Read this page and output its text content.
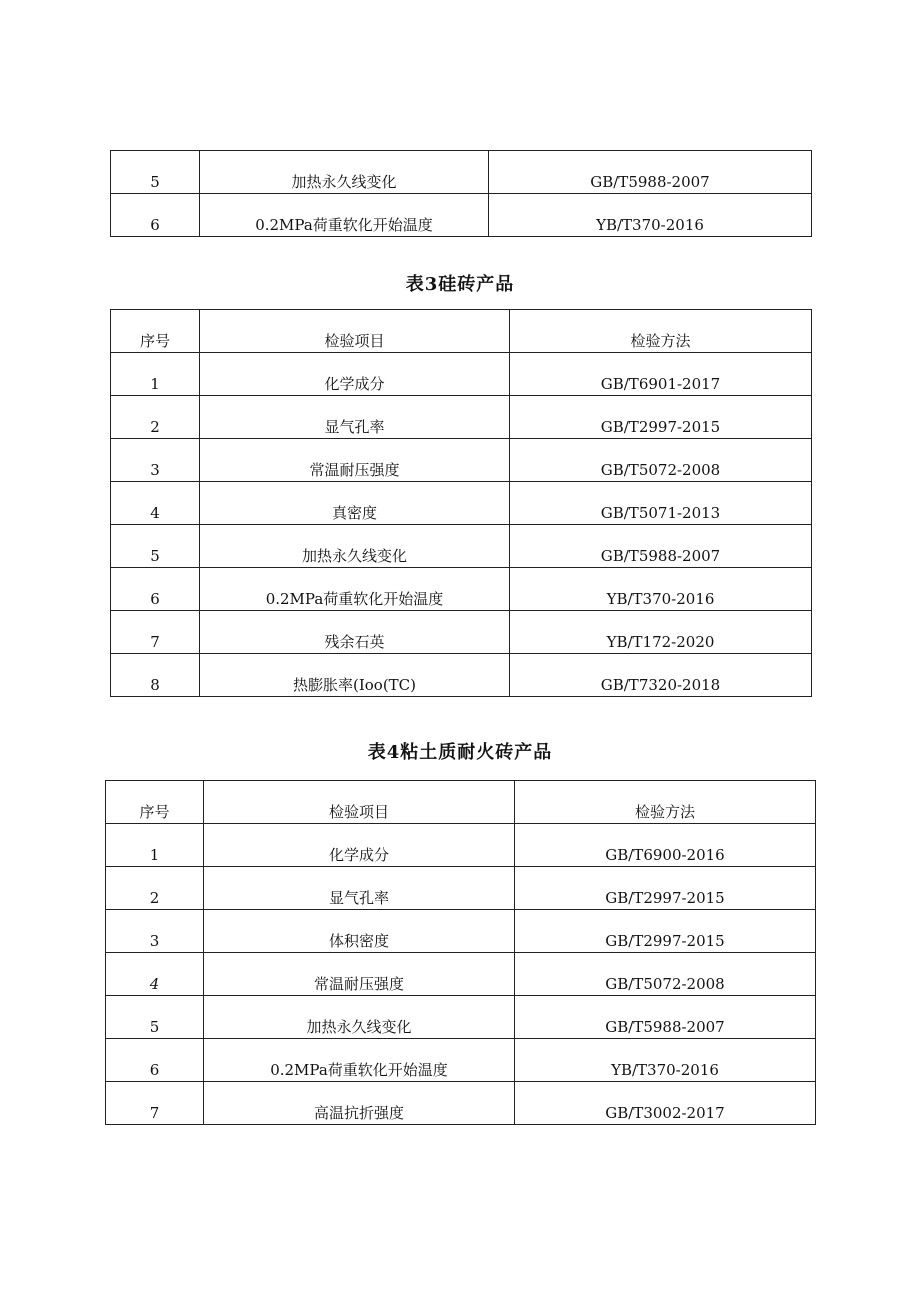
5	加热永久线变化	GB/T5988-2007
6	0.2MPa荷重软化开始温度	YB/T370-2016
表3硅砖产品
序号	检验项目	检验方法
1	化学成分	GB/T6901-2017
2	显气孔率	GB/T2997-2015
3	常温耐压强度	GB/T5072-2008
4	真密度	GB/T5071-2013
5	加热永久线变化	GB/T5988-2007
6	0.2MPa荷重软化开始温度	YB/T370-2016
7	残余石英	YB/T172-2020
8	热膨胀率(Ioo(TC)	GB/T7320-2018
表4粘土质耐火砖产品
序号	检验项目	检验方法
1	化学成分	GB/T6900-2016
2	显气孔率	GB/T2997-2015
3	体积密度	GB/T2997-2015
4	常温耐压强度	GB/T5072-2008
5	加热永久线变化	GB/T5988-2007
6	0.2MPa荷重软化开始温度	YB/T370-2016
7	高温抗折强度	GB/T3002-2017
